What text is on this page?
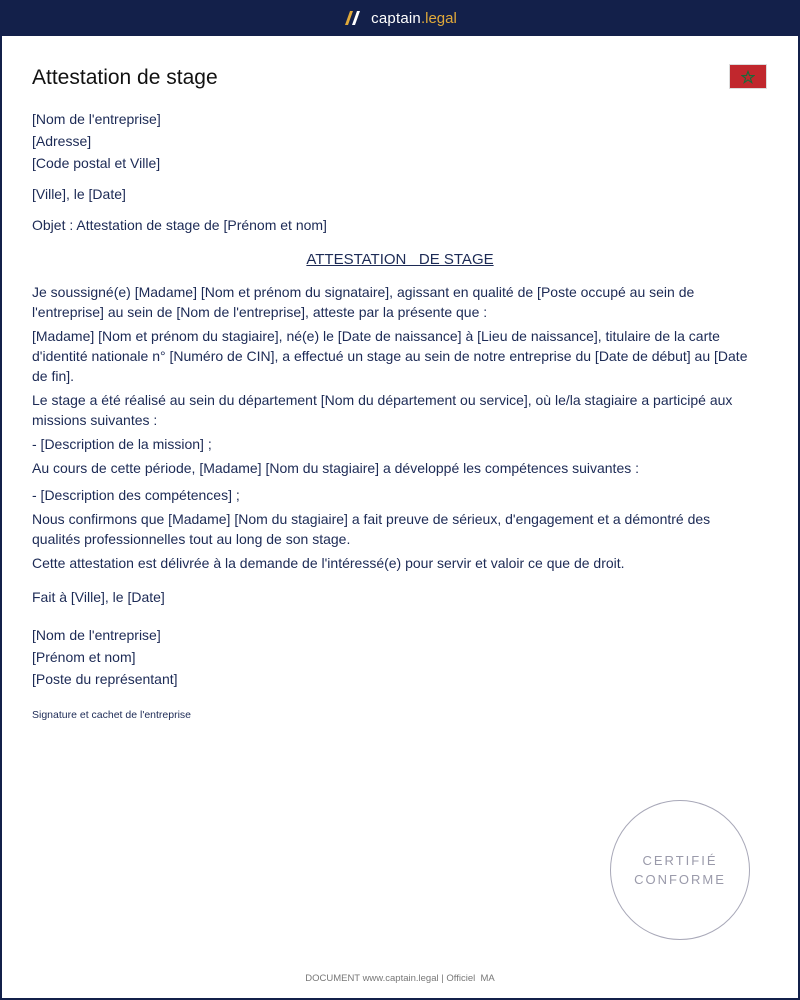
captain .legal
Attestation de stage
[Nom de l'entreprise]
[Adresse]
[Code postal et Ville]
[Ville], le [Date]
Objet : Attestation de stage de [Prénom et nom]
ATTESTATION   DE STAGE
Je soussigné(e) [Madame] [Nom et prénom du signataire], agissant en qualité de [Poste occupé au sein de l'entreprise] au sein de [Nom de l'entreprise], atteste par la présente que :
[Madame] [Nom et prénom du stagiaire], né(e) le [Date de naissance] à [Lieu de naissance], titulaire de la carte d'identité nationale n° [Numéro de CIN], a effectué un stage au sein de notre entreprise du [Date de début] au [Date de fin].
Le stage a été réalisé au sein du département [Nom du département ou service], où le/la stagiaire a participé aux missions suivantes :
- [Description de la mission] ;
Au cours de cette période, [Madame] [Nom du stagiaire] a développé les compétences suivantes :
- [Description des compétences] ;
Nous confirmons que [Madame] [Nom du stagiaire] a fait preuve de sérieux, d'engagement et a démontré des qualités professionnelles tout au long de son stage.
Cette attestation est délivrée à la demande de l'intéressé(e) pour servir et valoir ce que de droit.
Fait à [Ville], le [Date]
[Nom de l'entreprise]
[Prénom et nom]
[Poste du représentant]
Signature et cachet de l'entreprise
CERTIFIÉ
CONFORME
DOCUMENT www.captain.legal | Officiel  MA
